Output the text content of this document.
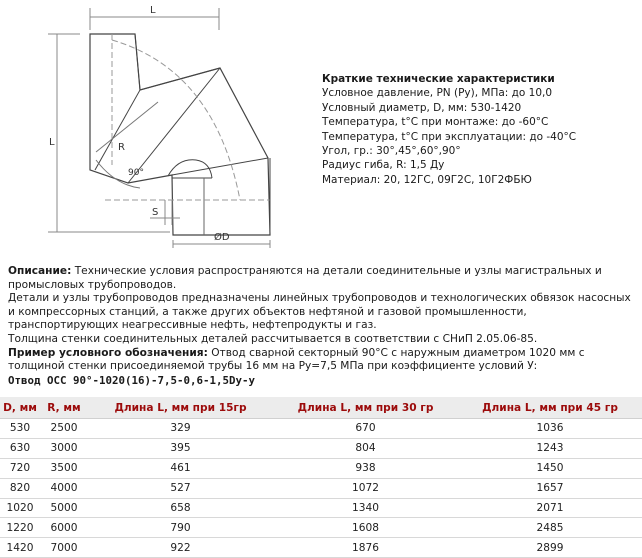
L
L	R
90°
S
ØD
Краткие технические характеристики
Условное давление, PN (Py), МПа: до 10,0
Условный диаметр, D, мм: 530-1420
Температура, t°C при монтаже: до -60°C
Температура, t°C при эксплуатации: до -40°C
Угол, гр.: 30°,45°,60°,90°
Радиус гиба, R: 1,5 Ду
Материал: 20, 12ГС, 09Г2С, 10Г2ФБЮ

Описание: Технические условия распространяются на детали соединительные и узлы магистральных и промысловых трубопроводов.

Детали и узлы трубопроводов предназначены линейных трубопроводов и технологических обвязок насосных и компрессорных станций, а также других объектов нефтяной и газовой промышленности, транспортирующих неагрессивные нефть, нефтепродукты и газ.

Толщина стенки соединительных деталей рассчитывается в соответствии с СНиП 2.05.06-85.

Пример условного обозначения: Отвод сварной секторный 90°С с наружным диаметром 1020 мм с толщиной стенки присоединяемой трубы 16 мм на Ру=7,5 МПа при коэффициенте условий У:

Отвод ОСС 90°-1020(16)-7,5-0,6-1,5Dу-у

D, мм	R, мм	Длина L, мм при 15гр	Длина L, мм при 30 гр	Длина L, мм при 45 гр
530	2500	329	670	1036
630	3000	395	804	1243
720	3500	461	938	1450
820	4000	527	1072	1657
1020	5000	658	1340	2071
1220	6000	790	1608	2485
1420	7000	922	1876	2899
